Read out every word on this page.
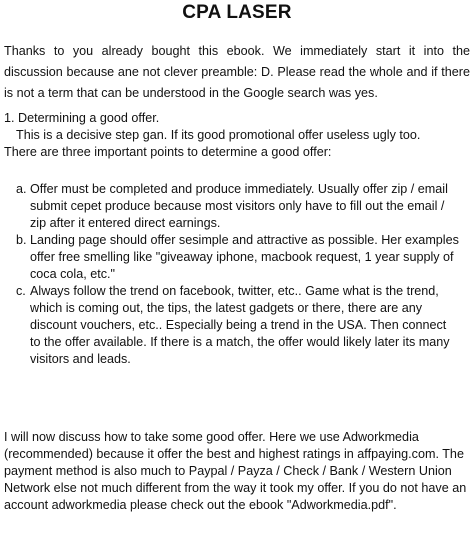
CPA LASER

Thanks to you already bought this ebook. We immediately start it into the discussion because ane not clever preamble: D. Please read the whole and if there is not a term that can be understood in the Google search was yes.

1. Determining a good offer.
This is a decisive step gan. If its good promotional offer useless ugly too.
There are three important points to determine a good offer:
a. Offer must be completed and produce immediately. Usually offer zip / email submit cepet produce because most visitors only have to fill out the email / zip after it entered direct earnings.
b. Landing page should offer sesimple and attractive as possible. Her examples offer free smelling like "giveaway iphone, macbook request, 1 year supply of coca cola, etc."
c. Always follow the trend on facebook, twitter, etc.. Game what is the trend, which is coming out, the tips, the latest gadgets or there, there are any discount vouchers, etc.. Especially being a trend in the USA. Then connect to the offer available. If there is a match, the offer would likely later its many visitors and leads.

I will now discuss how to take some good offer. Here we use Adworkmedia (recommended) because it offer the best and highest ratings in affpaying.com. The payment method is also much to Paypal / Payza / Check / Bank / Western Union Network else not much different from the way it took my offer. If you do not have an account adworkmedia please check out the ebook "Adworkmedia.pdf".
